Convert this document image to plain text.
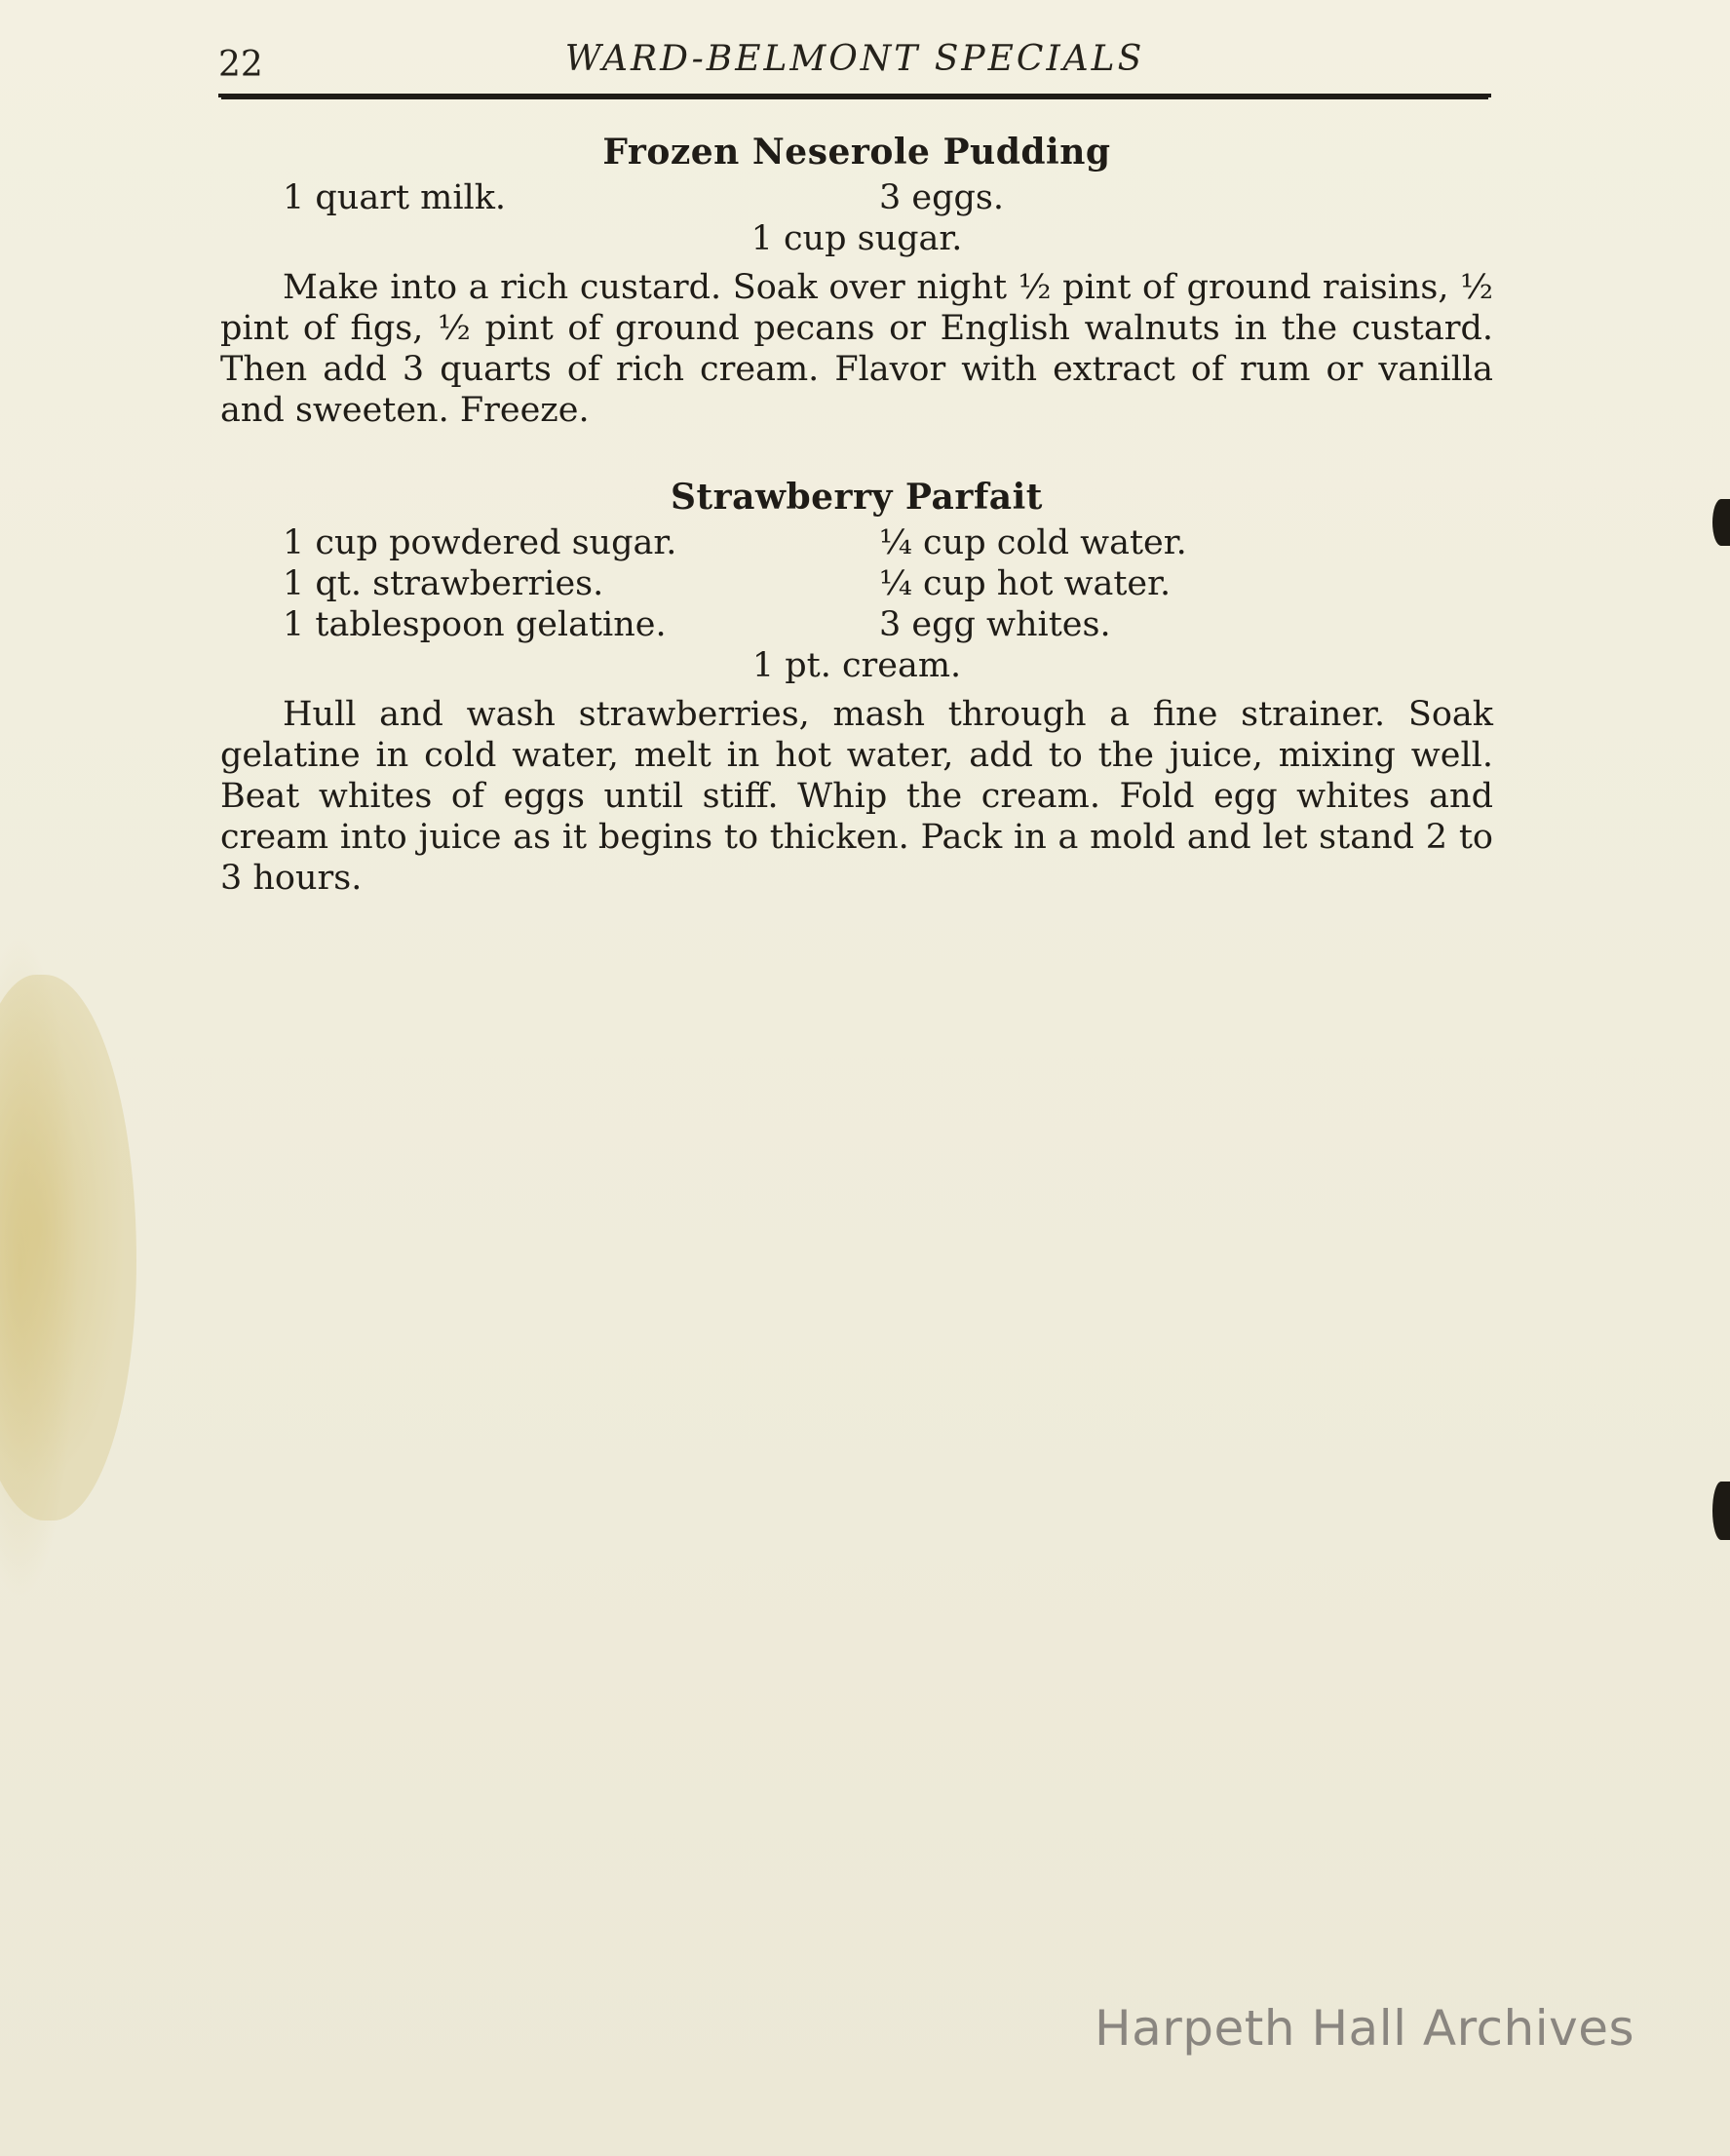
22	WARD-BELMONT SPECIALS
Frozen Neserole Pudding
1 quart milk.	3 eggs.
1 cup sugar.

Make into a rich custard. Soak over night ½ pint of ground raisins, ½ pint of figs, ½ pint of ground pecans or English walnuts in the custard. Then add 3 quarts of rich cream. Flavor with extract of rum or vanilla and sweeten. Freeze.

Strawberry Parfait
1 cup powdered sugar.	¼ cup cold water.
1 qt. strawberries.	¼ cup hot water.
1 tablespoon gelatine.	3 egg whites.
1 pt. cream.

Hull and wash strawberries, mash through a fine strainer. Soak gelatine in cold water, melt in hot water, add to the juice, mixing well. Beat whites of eggs until stiff. Whip the cream. Fold egg whites and cream into juice as it begins to thicken. Pack in a mold and let stand 2 to 3 hours.

Harpeth Hall Archives
